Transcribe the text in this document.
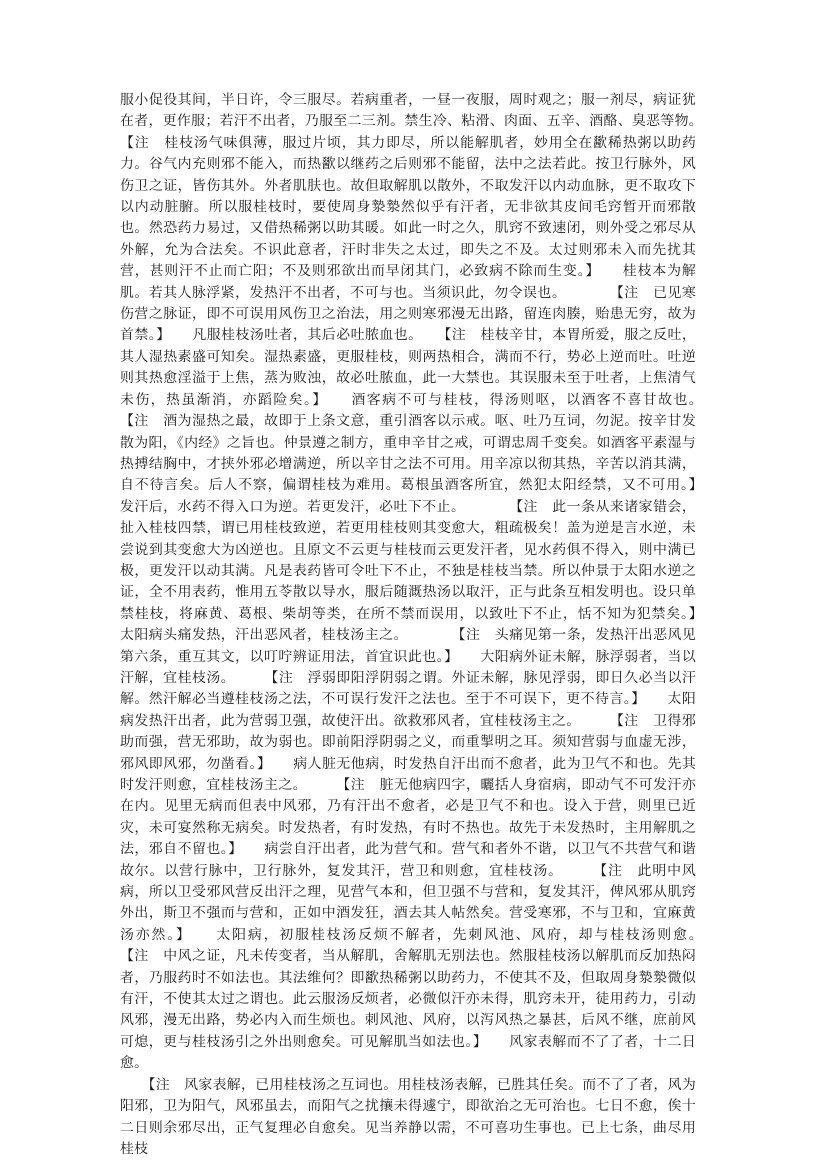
服小促役其间，半日许，令三服尽。若病重者，一昼一夜服，周时观之；服一剂尽，病证犹在者，更作服；若汗不出者，乃服至二三剂。禁生冷、粘滑、肉面、五辛、酒酪、臭恶等物。　　【注　桂枝汤气味俱薄，服过片顷，其力即尽，所以能解肌者，妙用全在歠稀热粥以助药力。谷气内充则邪不能入，而热歠以继药之后则邪不能留，法中之法若此。按卫行脉外，风伤卫之证，皆伤其外。外者肌肤也。故但取解肌以散外，不取发汗以内动血脉，更不取攻下以内动脏腑。所以服桂枝时，要使周身漐漐然似乎有汗者，无非欲其皮间毛窍暂开而邪散也。然恐药力易过，又借热稀粥以助其暖。如此一时之久，肌窍不致速闭，则外受之邪尽从外解，允为合法矣。不识此意者，汗时非失之太过，即失之不及。太过则邪未入而先扰其营，甚则汗不止而亡阳；不及则邪欲出而早闭其门，必致病不除而生变。】　　桂枝本为解肌。若其人脉浮紧，发热汗不出者，不可与也。当须识此，勿令误也。　　　　【注　已见寒伤营之脉证，即不可误用风伤卫之治法，用之则寒邪漫无出路，留连肉腠，贻患无穷，故为首禁。】　　凡服桂枝汤吐者，其后必吐脓血也。　　【注　桂枝辛甘，本胃所爱，服之反吐，其人湿热素盛可知矣。湿热素盛，更服桂枝，则两热相合，满而不行，势必上逆而吐。吐逆则其热愈淫溢于上焦，蒸为败浊，故必吐脓血，此一大禁也。其误服未至于吐者，上焦清气未伤，热虽渐消，亦蹈险矣。】　　酒客病不可与桂枝，得汤则呕，以酒客不喜甘故也。　　　【注　酒为湿热之最，故即于上条文意，重引酒客以示戒。呕、吐乃互词，勿泥。按辛甘发散为阳，《内经》之旨也。仲景遵之制方，重申辛甘之戒，可谓忠周千变矣。如酒客平素湿与热搏结胸中，才挟外邪必增满逆，所以辛甘之法不可用。用辛凉以彻其热，辛苦以消其满，自不待言矣。后人不察，偏谓桂枝为难用。葛根虽酒客所宜，然犯太阳经禁，又不可用。】　　发汗后，水药不得入口为逆。若更发汗，必吐下不止。　　　　【注　此一条从来诸家错会，扯入桂枝四禁，谓已用桂枝致逆，若更用桂枝则其变愈大，粗疏极矣！盖为逆是言水逆，未尝说到其变愈大为凶逆也。且原文不云更与桂枝而云更发汗者，见水药俱不得入，则中满已极，更发汗以动其满。凡是表药皆可令吐下不止，不独是桂枝当禁。所以仲景于太阳水逆之证，全不用表药，惟用五苓散以导水，服后随溉热汤以取汗，正与此条互相发明也。设只单禁桂枝，将麻黄、葛根、柴胡等类，在所不禁而误用，以致吐下不止，恬不知为犯禁矣。】　　太阳病头痛发热，汗出恶风者，桂枝汤主之。　　　　【注　头痛见第一条，发热汗出恶风见第六条，重互其文，以叮咛辨证用法，首宜识此也。】　　大阳病外证未解，脉浮弱者，当以汗解，宜桂枝汤。　　　【注　浮弱即阳浮阴弱之谓。外证未解，脉见浮弱，即日久必当以汗解。然汗解必当遵桂枝汤之法，不可误行发汗之法也。至于不可误下，更不待言。】　　太阳病发热汗出者，此为营弱卫强，故使汗出。欲救邪风者，宜桂枝汤主之。　　　【注　卫得邪助而强，营无邪助，故为弱也。即前阳浮阴弱之义，而重掣明之耳。须知营弱与血虚无涉，邪风即风邪，勿凿看。】　　病人脏无他病，时发热自汗出而不愈者，此为卫气不和也。先其时发汗则愈，宜桂枝汤主之。　　　【注　脏无他病四字，曬括人身宿病，即动气不可发汗亦在内。见里无病而但表中风邪，乃有汗出不愈者，必是卫气不和也。设入于营，则里已近灾，未可宴然称无病矣。时发热者，有时发热，有时不热也。故先于未发热时，主用解肌之法，邪自不留也。】　　病尝自汗出者，此为营气和。营气和者外不谐，以卫气不共营气和谐故尔。以营行脉中，卫行脉外，复发其汗，营卫和则愈，宜桂枝汤。　　　【注　此明中风病，所以卫受邪风营反出汗之理，见营气本和，但卫强不与营和，复发其汗，俾风邪从肌窍外出，斯卫不强而与营和，正如中酒发狂，酒去其人帖然矣。营受寒邪，不与卫和，宜麻黄汤亦然。】　　太阳病，初服桂枝汤反烦不解者，先刺风池、风府，却与桂枝汤则愈。　　　【注　中风之证，凡未传变者，当从解肌，舍解肌无别法也。然服桂枝汤以解肌而反加热闷者，乃服药时不如法也。其法维何？即歠热稀粥以助药力，不使其不及，但取周身漐漐微似有汗，不使其太过之谓也。此云服汤反烦者，必微似汗亦未得，肌窍未开，徒用药力，引动风邪，漫无出路，势必内入而生烦也。刺风池、风府，以泻风热之暴甚，后风不继，庶前风可熄，更与桂枝汤引之外出则愈矣。可见解肌当如法也。】　　风家表解而不了了者，十二日愈。

　　【注　风家表解，已用桂枝汤之互词也。用桂枝汤表解，已胜其任矣。而不了了者，风为阳邪，卫为阳气，风邪虽去，而阳气之扰攘未得遽宁，即欲治之无可治也。七日不愈，俟十二日则余邪尽出，正气复理必自愈矣。见当养静以需，不可喜功生事也。已上七条，曲尽用桂枝
